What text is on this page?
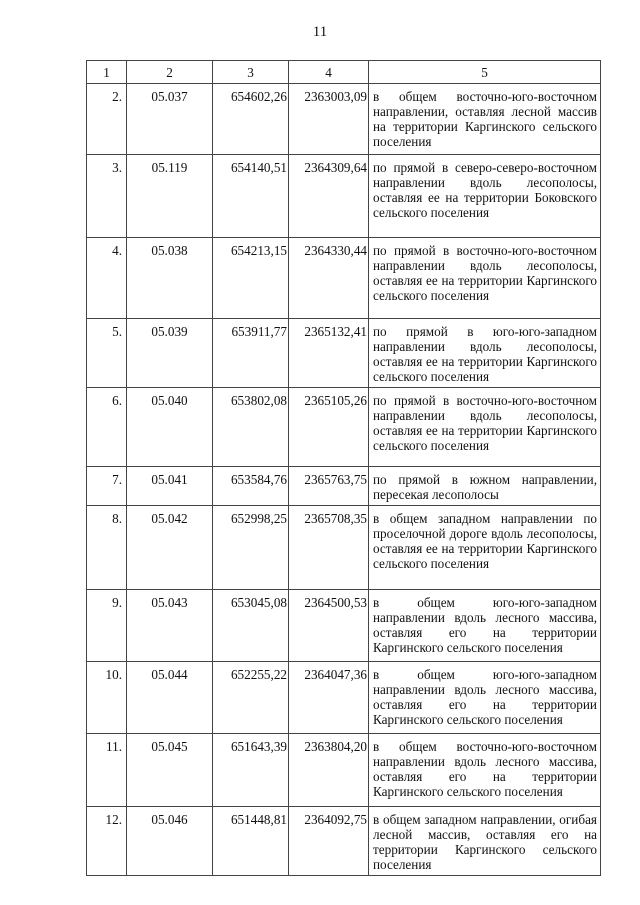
11
1	2	3	4	5
2.	05.037	654602,26	2363003,09	в общем восточно-юго-восточном направлении, оставляя лесной массив на территории Каргинского сельского поселения
3.	05.119	654140,51	2364309,64	по прямой в северо-северо-восточном направлении вдоль лесополосы, оставляя ее на территории Боковского сельского поселения
4.	05.038	654213,15	2364330,44	по прямой в восточно-юго-восточном направлении вдоль лесополосы, оставляя ее на территории Каргинского сельского поселения
5.	05.039	653911,77	2365132,41	по прямой в юго-юго-западном направлении вдоль лесополосы, оставляя ее на территории Каргинского сельского поселения
6.	05.040	653802,08	2365105,26	по прямой в восточно-юго-восточном направлении вдоль лесополосы, оставляя ее на территории Каргинского сельского поселения
7.	05.041	653584,76	2365763,75	по прямой в южном направлении, пересекая лесополосы
8.	05.042	652998,25	2365708,35	в общем западном направлении по проселочной дороге вдоль лесополосы, оставляя ее на территории Каргинского сельского поселения
9.	05.043	653045,08	2364500,53	в общем юго-юго-западном направлении вдоль лесного массива, оставляя его на территории Каргинского сельского поселения
10.	05.044	652255,22	2364047,36	в общем юго-юго-западном направлении вдоль лесного массива, оставляя его на территории Каргинского сельского поселения
11.	05.045	651643,39	2363804,20	в общем восточно-юго-восточном направлении вдоль лесного массива, оставляя его на территории Каргинского сельского поселения
12.	05.046	651448,81	2364092,75	в общем западном направлении, огибая лесной массив, оставляя его на территории Каргинского сельского поселения
